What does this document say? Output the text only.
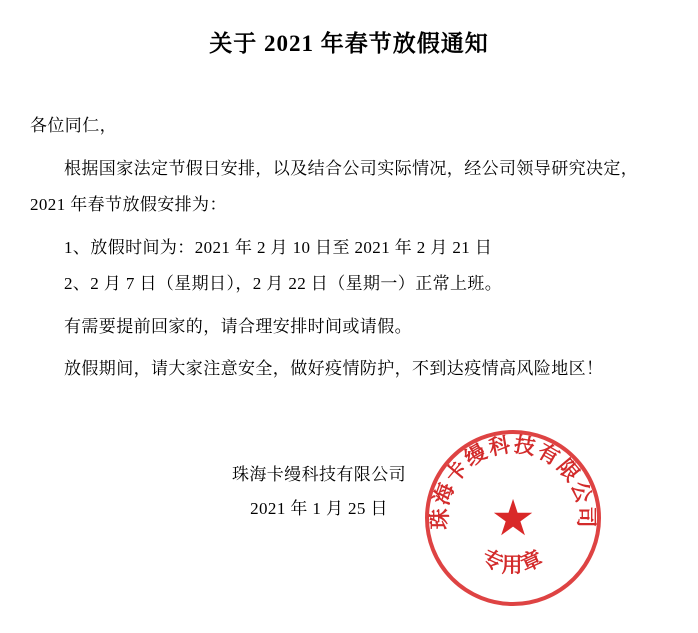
关于 2021 年春节放假通知

各位同仁，

根据国家法定节假日安排，以及结合公司实际情况，经公司领导研究决定，

2021 年春节放假安排为：

1、放假时间为：2021 年 2 月 10 日至 2021 年 2 月 21 日

2、2 月 7 日（星期日），2 月 22 日（星期一）正常上班。

有需要提前回家的，请合理安排时间或请假。

放假期间，请大家注意安全，做好疫情防护，不到达疫情高风险地区！

珠海卡缦科技有限公司
2021 年 1 月 25 日	珠海卡缦科技有限公司
专用章
★
